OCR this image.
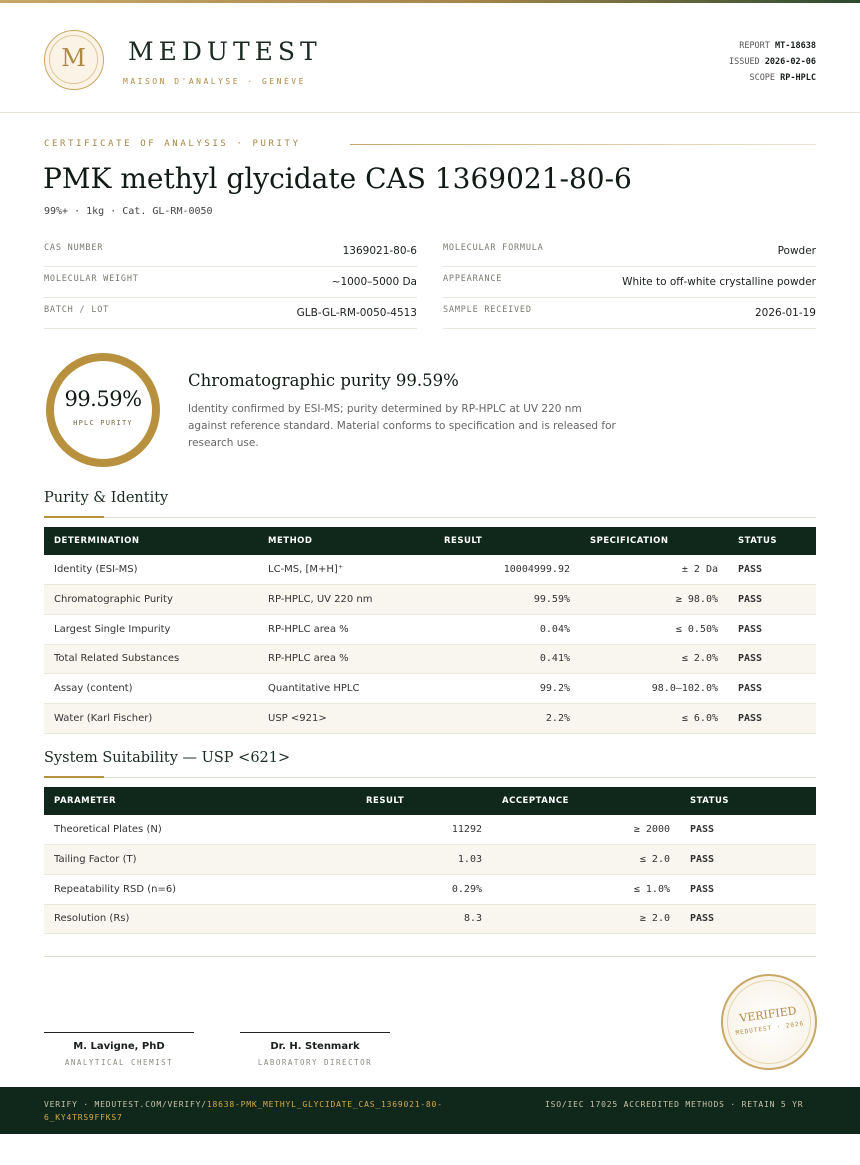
M	MEDUTEST
MAISON D'ANALYSE · GENÈVE
REPORT MT-18638
ISSUED 2026-02-06
SCOPE RP-HPLC
CERTIFICATE OF ANALYSIS · PURITY
PMK methyl glycidate CAS 1369021-80-6
99%+ · 1kg · Cat. GL-RM-0050
CAS NUMBER	1369021-80-6
MOLECULAR WEIGHT	~1000–5000 Da
BATCH / LOT	GLB-GL-RM-0050-4513
MOLECULAR FORMULA	Powder
APPEARANCE	White to off-white crystalline powder
SAMPLE RECEIVED	2026-01-19
99.59%
HPLC PURITY
Chromatographic purity 99.59%
Identity confirmed by ESI-MS; purity determined by RP-HPLC at UV 220 nm against reference standard. Material conforms to specification and is released for research use.
Purity & Identity
DETERMINATION	METHOD	RESULT	SPECIFICATION	STATUS
Identity (ESI-MS)	LC-MS, [M+H]⁺	10004999.92	± 2 Da	PASS
Chromatographic Purity	RP-HPLC, UV 220 nm	99.59%	≥ 98.0%	PASS
Largest Single Impurity	RP-HPLC area %	0.04%	≤ 0.50%	PASS
Total Related Substances	RP-HPLC area %	0.41%	≤ 2.0%	PASS
Assay (content)	Quantitative HPLC	99.2%	98.0–102.0%	PASS
Water (Karl Fischer)	USP <921>	2.2%	≤ 6.0%	PASS
System Suitability — USP <621>
PARAMETER	RESULT	ACCEPTANCE	STATUS
Theoretical Plates (N)	11292	≥ 2000	PASS
Tailing Factor (T)	1.03	≤ 2.0	PASS
Repeatability RSD (n=6)	0.29%	≤ 1.0%	PASS
Resolution (Rs)	8.3	≥ 2.0	PASS
M. Lavigne, PhD
ANALYTICAL CHEMIST
Dr. H. Stenmark
LABORATORY DIRECTOR
VERIFIED
MEDUTEST · 2026
VERIFY · MEDUTEST.COM/VERIFY/18638-PMK_METHYL_GLYCIDATE_CAS_1369021-80-6_KY4TRS9FFKS7
ISO/IEC 17025 ACCREDITED METHODS · RETAIN 5 YR
